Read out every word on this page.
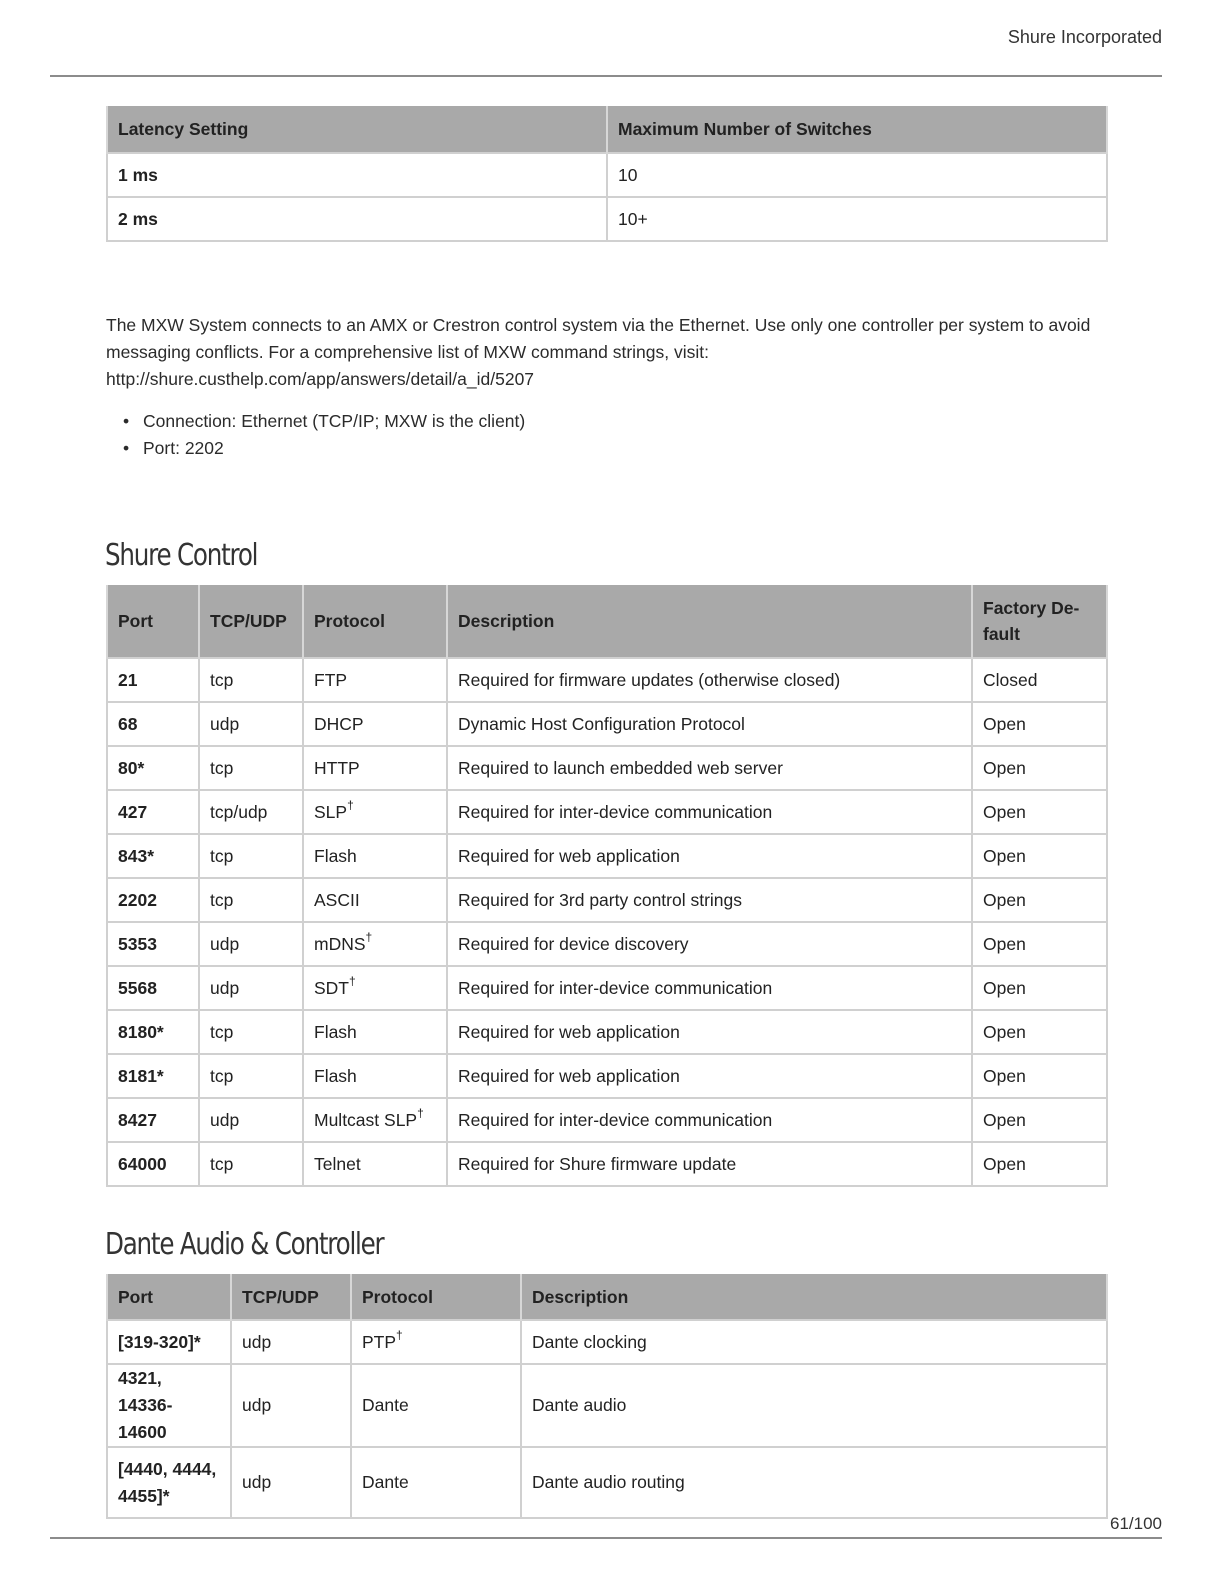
Shure Incorporated
Latency Setting	Maximum Number of Switches
1 ms	10
2 ms	10+

The MXW System connects to an AMX or Crestron control system via the Ethernet. Use only one controller per system to avoid messaging conflicts. For a comprehensive list of MXW command strings, visit: http://shure.custhelp.com/app/answers/detail/a_id/5207

• Connection: Ethernet (TCP/IP; MXW is the client)
• Port: 2202
Shure Control
Port	TCP/UDP	Protocol	Description	Factory De-fault
21	tcp	FTP	Required for firmware updates (otherwise closed)	Closed
68	udp	DHCP	Dynamic Host Configuration Protocol	Open
80*	tcp	HTTP	Required to launch embedded web server	Open
427	tcp/udp	SLP†	Required for inter-device communication	Open
843*	tcp	Flash	Required for web application	Open
2202	tcp	ASCII	Required for 3rd party control strings	Open
5353	udp	mDNS†	Required for device discovery	Open
5568	udp	SDT†	Required for inter-device communication	Open
8180*	tcp	Flash	Required for web application	Open
8181*	tcp	Flash	Required for web application	Open
8427	udp	Multcast SLP†	Required for inter-device communication	Open
64000	tcp	Telnet	Required for Shure firmware update	Open
Dante Audio & Controller
Port	TCP/UDP	Protocol	Description
[319-320]*	udp	PTP†	Dante clocking
4321, 14336-14600	udp	Dante	Dante audio
[4440, 4444, 4455]*	udp	Dante	Dante audio routing
61/100
